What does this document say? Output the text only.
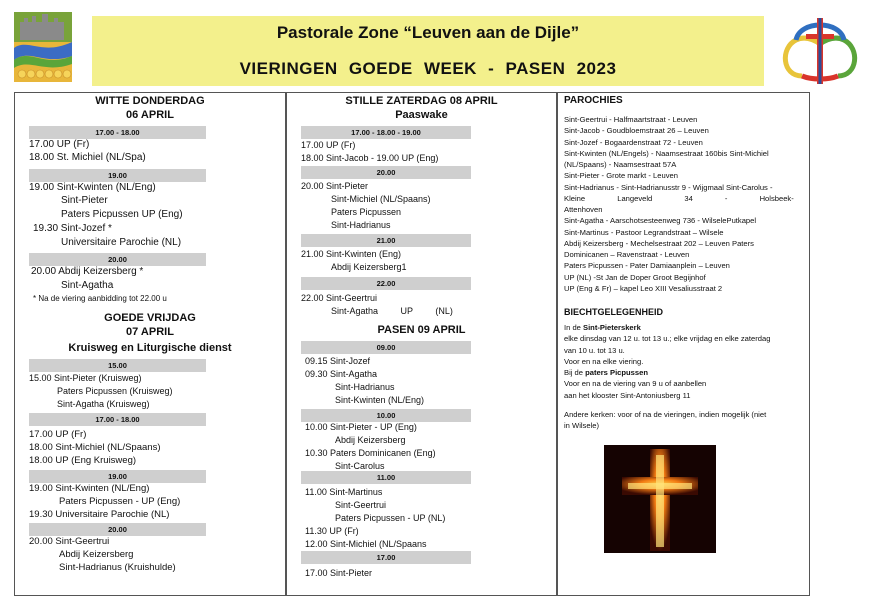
Pastorale Zone “Leuven aan de Dijle”
VIERINGEN GOEDE WEEK - PASEN 2023
WITTE DONDERDAG
06 APRIL
17.00 - 18.00
17.00 UP (Fr)
18.00 St. Michiel (NL/Spa)
19.00
19.00 Sint-Kwinten (NL/Eng)
Sint-Pieter
Paters Picpussen UP (Eng)
19.30 Sint-Jozef *
Universitaire Parochie (NL)
20.00
20.00 Abdij Keizersberg *
Sint-Agatha
* Na de viering aanbidding tot 22.00 u
GOEDE VRIJDAG
07 APRIL
Kruisweg en Liturgische dienst
15.00
15.00 Sint-Pieter (Kruisweg)
Paters Picpussen (Kruisweg)
Sint-Agatha (Kruisweg)
17.00 - 18.00
17.00 UP (Fr)
18.00 Sint-Michiel (NL/Spaans)
18.00 UP (Eng Kruisweg)
19.00
19.00 Sint-Kwinten (NL/Eng)
Paters Picpussen - UP (Eng)
19.30 Universitaire Parochie (NL)
20.00
20.00 Sint-Geertrui
Abdij Keizersberg
Sint-Hadrianus (Kruishulde)
STILLE ZATERDAG 08 APRIL
Paaswake
17.00 - 18.00 - 19.00
17.00 UP (Fr)
18.00 Sint-Jacob - 19.00 UP (Eng)
20.00
20.00 Sint-Pieter
Sint-Michiel (NL/Spaans)
Paters Picpussen
Sint-Hadrianus
21.00
21.00 Sint-Kwinten (Eng)
Abdij Keizersberg1
22.00
22.00 Sint-Geertrui
Sint-Agatha UP (NL)
PASEN 09 APRIL
09.00
09.15 Sint-Jozef
09.30 Sint-Agatha
Sint-Hadrianus
Sint-Kwinten (NL/Eng)
10.00
10.00 Sint-Pieter - UP (Eng)
Abdij Keizersberg
10.30 Paters Dominicanen (Eng)
Sint-Carolus
11.00
11.00 Sint-Martinus
Sint-Geertrui
Paters Picpussen - UP (NL)
11.30 UP (Fr)
12.00 Sint-Michiel (NL/Spaans
17.00
17.00 Sint-Pieter
PAROCHIES
Sint-Geertrui - Halfmaartstraat - Leuven
Sint-Jacob - Goudbloemstraat 26 – Leuven
Sint-Jozef - Bogaardenstraat 72 - Leuven
Sint-Kwinten (NL/Engels) - Naamsestraat 160bis Sint-Michiel
(NL/Spaans) - Naamsestraat 57A
Sint-Pieter - Grote markt - Leuven
Sint-Hadrianus - Sint-Hadrianusstr 9 - Wijgmaal Sint-Carolus -
Kleine Langeveld 34 - Holsbeek-
Attenhoven
Sint-Agatha - Aarschotsesteenweg 736 - WilselePutkapel
Sint-Martinus - Pastoor Legrandstraat – Wilsele
Abdij Keizersberg - Mechelsestraat 202 – Leuven Paters
Dominicanen – Ravenstraat - Leuven
Paters Picpussen - Pater Damiaanplein – Leuven
UP (NL) -St Jan de Doper Groot Begijnhof
UP (Eng & Fr) – kapel Leo XIII Vesaliusstraat 2
BIECHTGELEGENHEID
In de Sint-Pieterskerk
elke dinsdag van 12 u. tot 13 u.; elke vrijdag en elke zaterdag
van 10 u. tot 13 u.
Voor en na elke viering.
Bij de paters Picpussen
Voor en na de viering van 9 u of aanbellen
aan het klooster Sint-Antoniusberg 11
Andere kerken: voor of na de vieringen, indien mogelijk (niet
in Wilsele)
